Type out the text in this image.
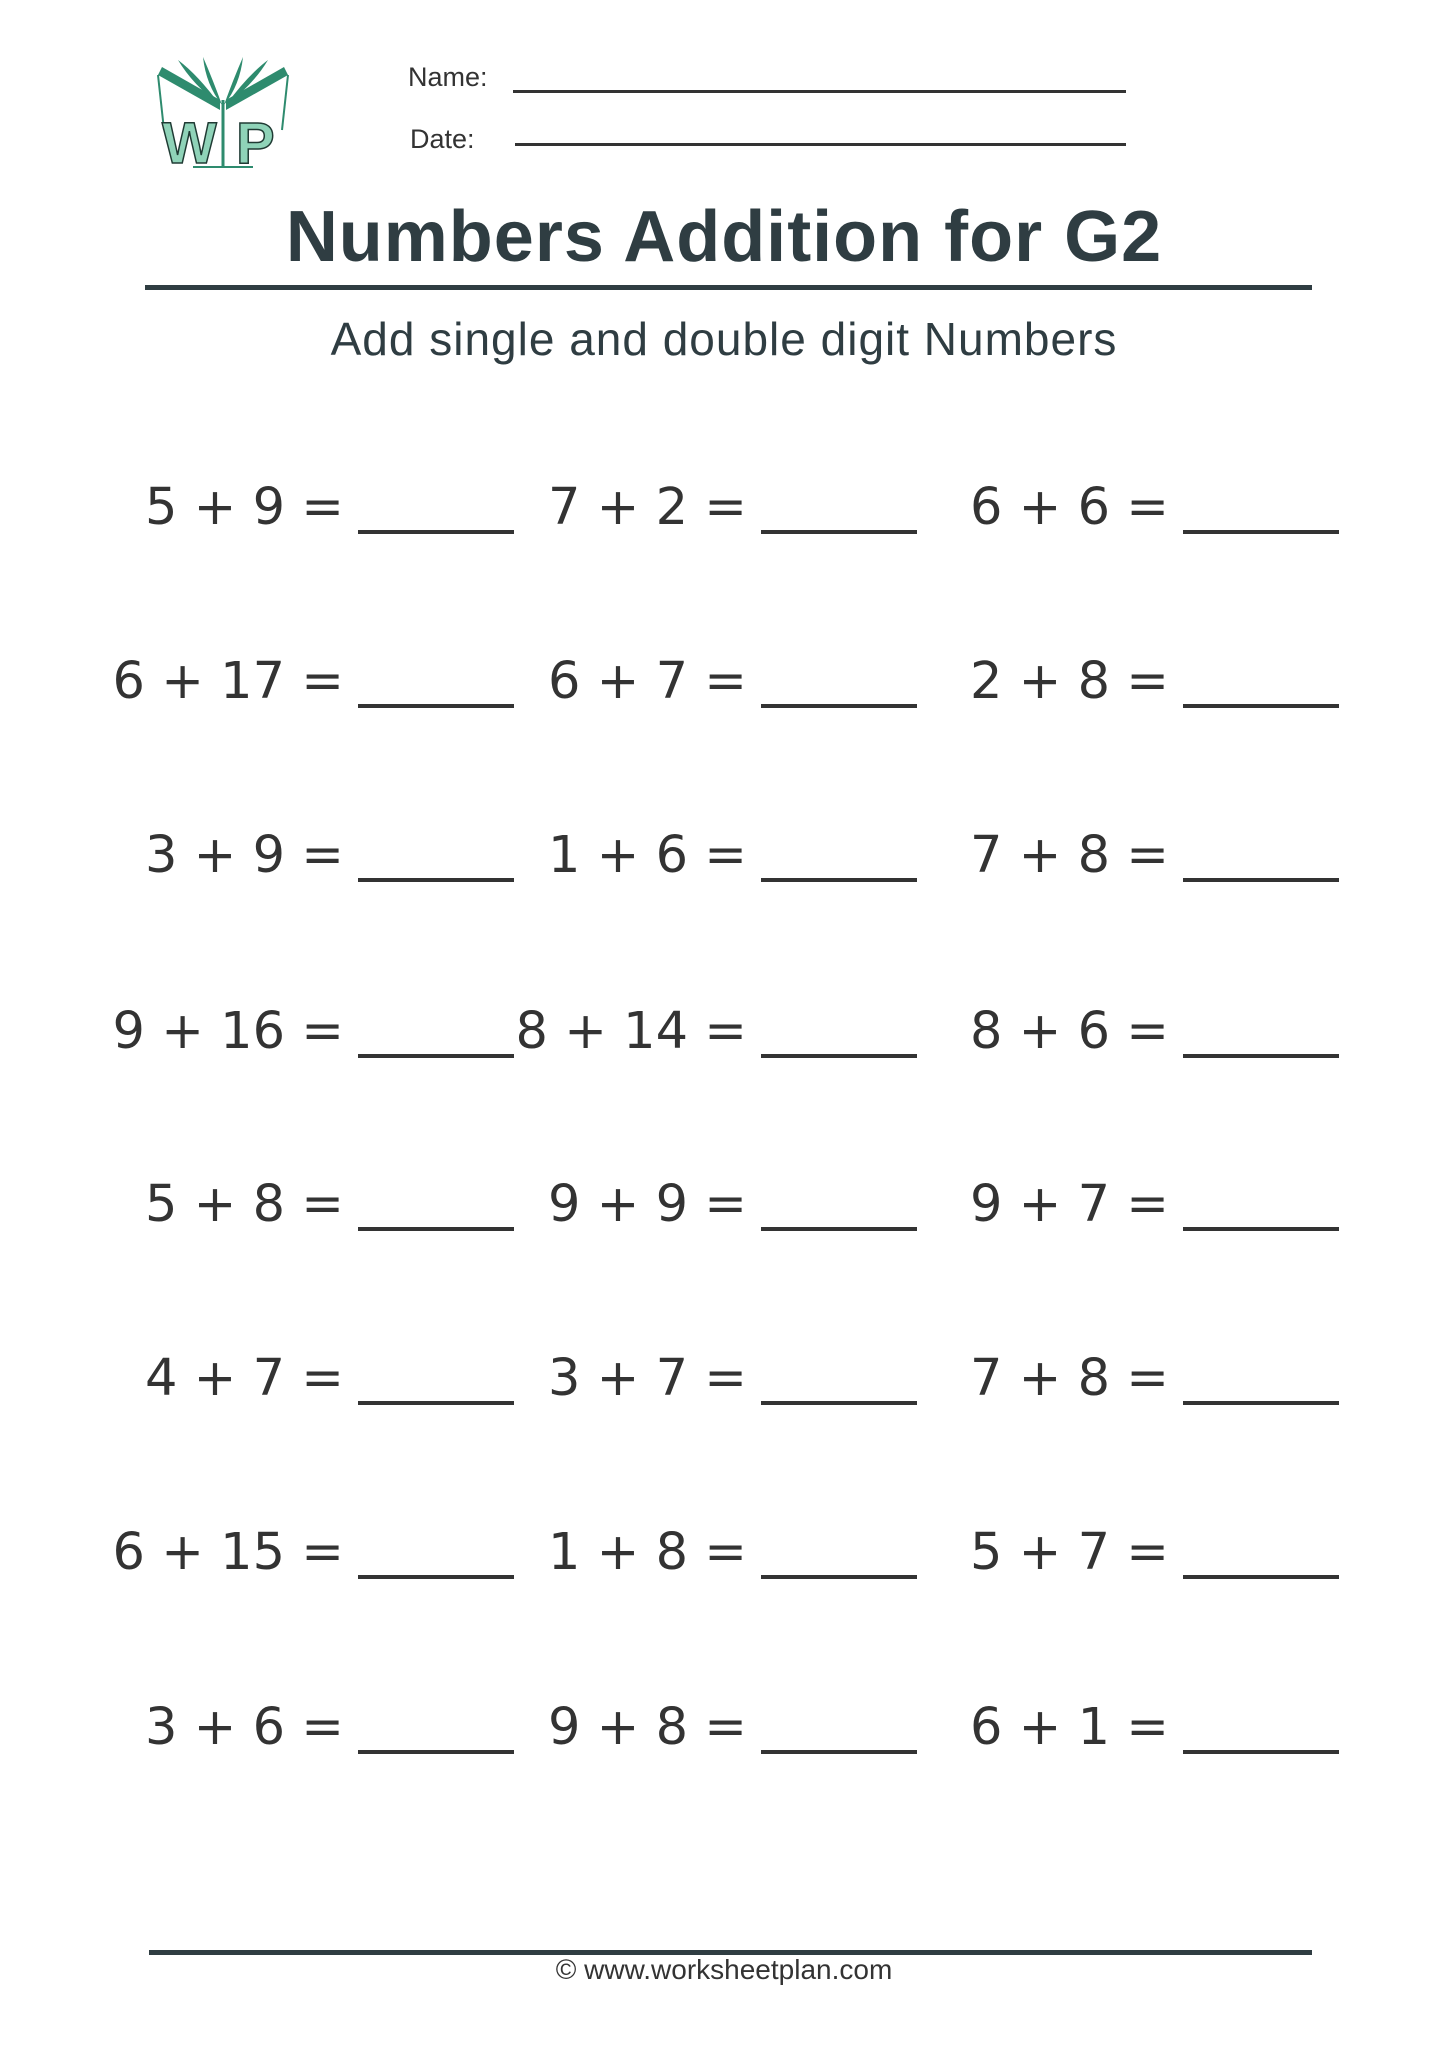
W P
Name:
Date:
Numbers Addition for G2
Add single and double digit Numbers
5 + 9 =	7 + 2 =	6 + 6 =
6 + 17 =	6 + 7 =	2 + 8 =
3 + 9 =	1 + 6 =	7 + 8 =
9 + 16 =	8 + 14 =	8 + 6 =
5 + 8 =	9 + 9 =	9 + 7 =
4 + 7 =	3 + 7 =	7 + 8 =
6 + 15 =	1 + 8 =	5 + 7 =
3 + 6 =	9 + 8 =	6 + 1 =
© www.worksheetplan.com
